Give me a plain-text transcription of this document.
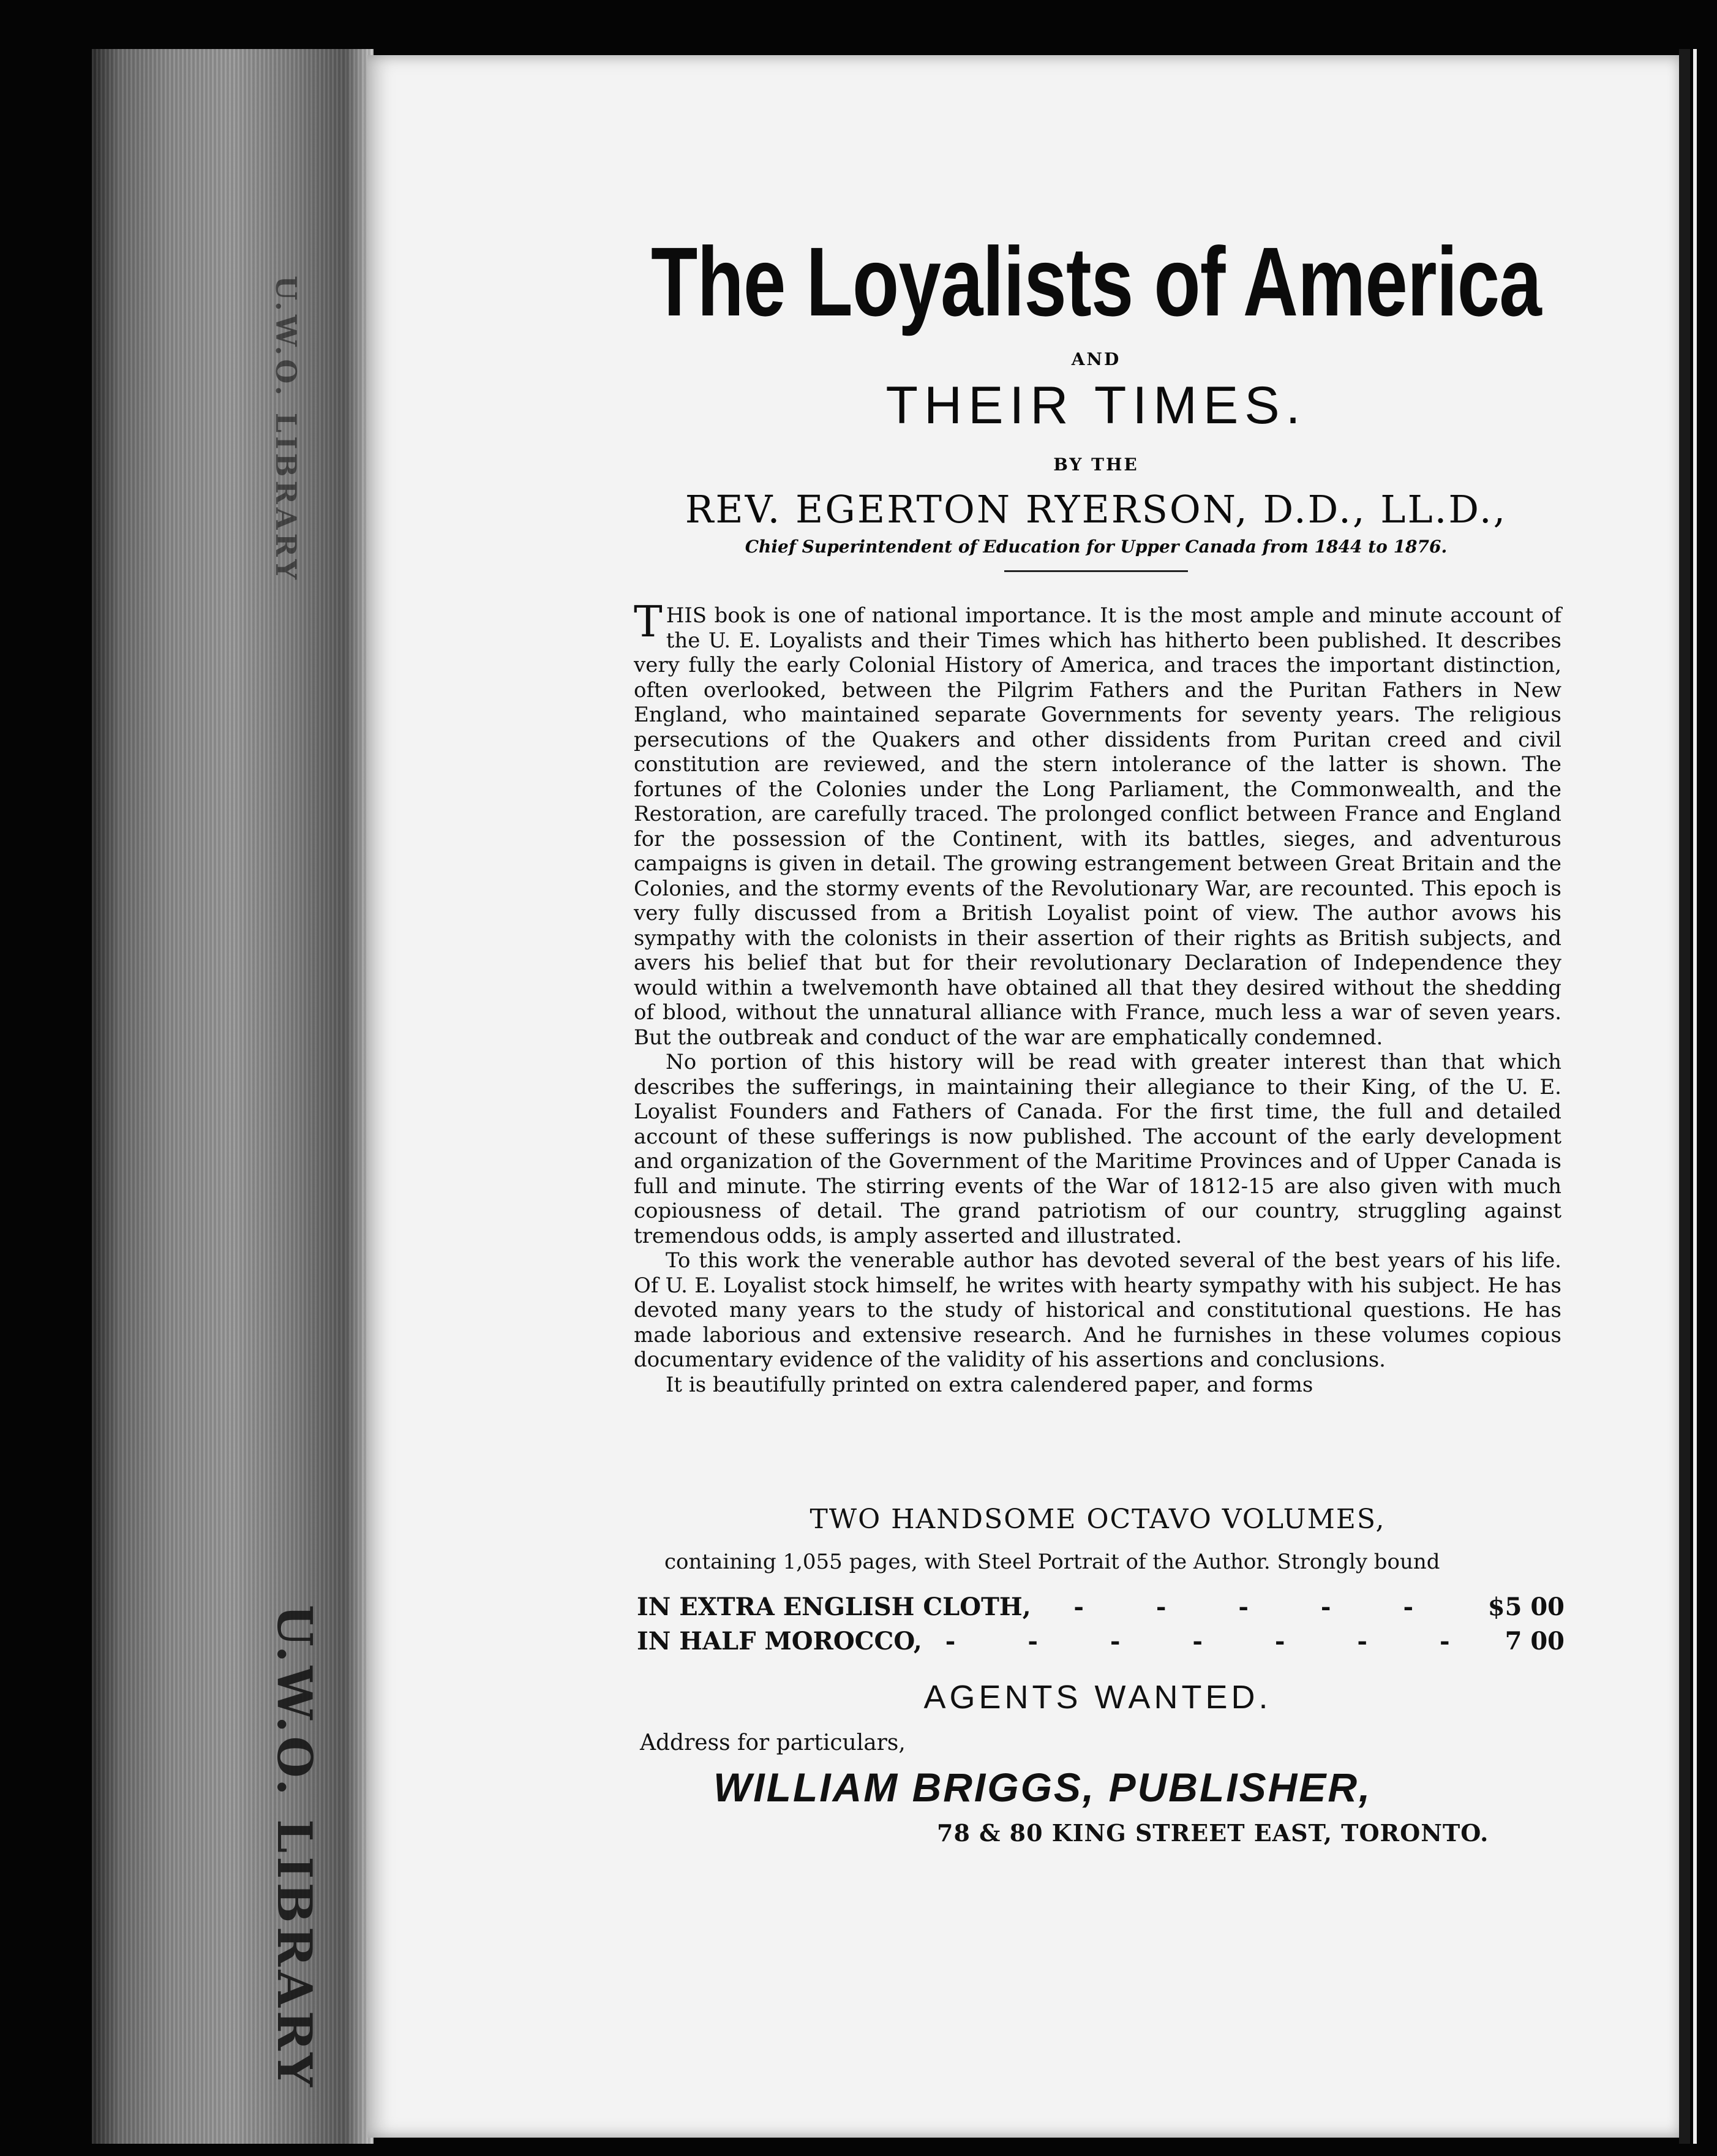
U.W.O. LIBRARY
U.W.O. LIBRARY
The Loyalists of America
AND
THEIR TIMES.
BY THE
REV. EGERTON RYERSON, D.D., LL.D.,
Chief Superintendent of Education for Upper Canada from 1844 to 1876.

THIS book is one of national importance. It is the most ample and minute account of the U. E. Loyalists and their Times which has hitherto been published. It describes very fully the early Colonial History of America, and traces the important distinction, often overlooked, between the Pilgrim Fathers and the Puritan Fathers in New England, who maintained separate Governments for seventy years. The religious persecutions of the Quakers and other dissidents from Puritan creed and civil constitution are reviewed, and the stern intolerance of the latter is shown. The fortunes of the Colonies under the Long Parliament, the Commonwealth, and the Restoration, are carefully traced. The prolonged conflict between France and England for the possession of the Continent, with its battles, sieges, and adventurous campaigns is given in detail. The growing estrangement between Great Britain and the Colonies, and the stormy events of the Revolutionary War, are recounted. This epoch is very fully discussed from a British Loyalist point of view. The author avows his sympathy with the colonists in their assertion of their rights as British subjects, and avers his belief that but for their revolutionary Declaration of Independence they would within a twelvemonth have obtained all that they desired without the shedding of blood, without the unnatural alliance with France, much less a war of seven years. But the outbreak and conduct of the war are emphatically condemned.

No portion of this history will be read with greater interest than that which describes the sufferings, in maintaining their allegiance to their King, of the U. E. Loyalist Founders and Fathers of Canada. For the first time, the full and detailed account of these sufferings is now published. The account of the early development and organization of the Government of the Maritime Provinces and of Upper Canada is full and minute. The stirring events of the War of 1812-15 are also given with much copiousness of detail. The grand patriotism of our country, struggling against tremendous odds, is amply asserted and illustrated.

To this work the venerable author has devoted several of the best years of his life. Of U. E. Loyalist stock himself, he writes with hearty sympathy with his subject. He has devoted many years to the study of historical and constitutional questions. He has made laborious and extensive research. And he furnishes in these volumes copious documentary evidence of the validity of his assertions and conclusions.

It is beautifully printed on extra calendered paper, and forms

TWO HANDSOME OCTAVO VOLUMES,
containing 1,055 pages, with Steel Portrait of the Author. Strongly bound
IN EXTRA ENGLISH CLOTH,	- - - - -	$5 00
IN HALF MOROCCO, - - - - - - - 7 00
AGENTS WANTED.
Address for particulars,
WILLIAM BRIGGS, PUBLISHER,
78 & 80 KING STREET EAST, TORONTO.
